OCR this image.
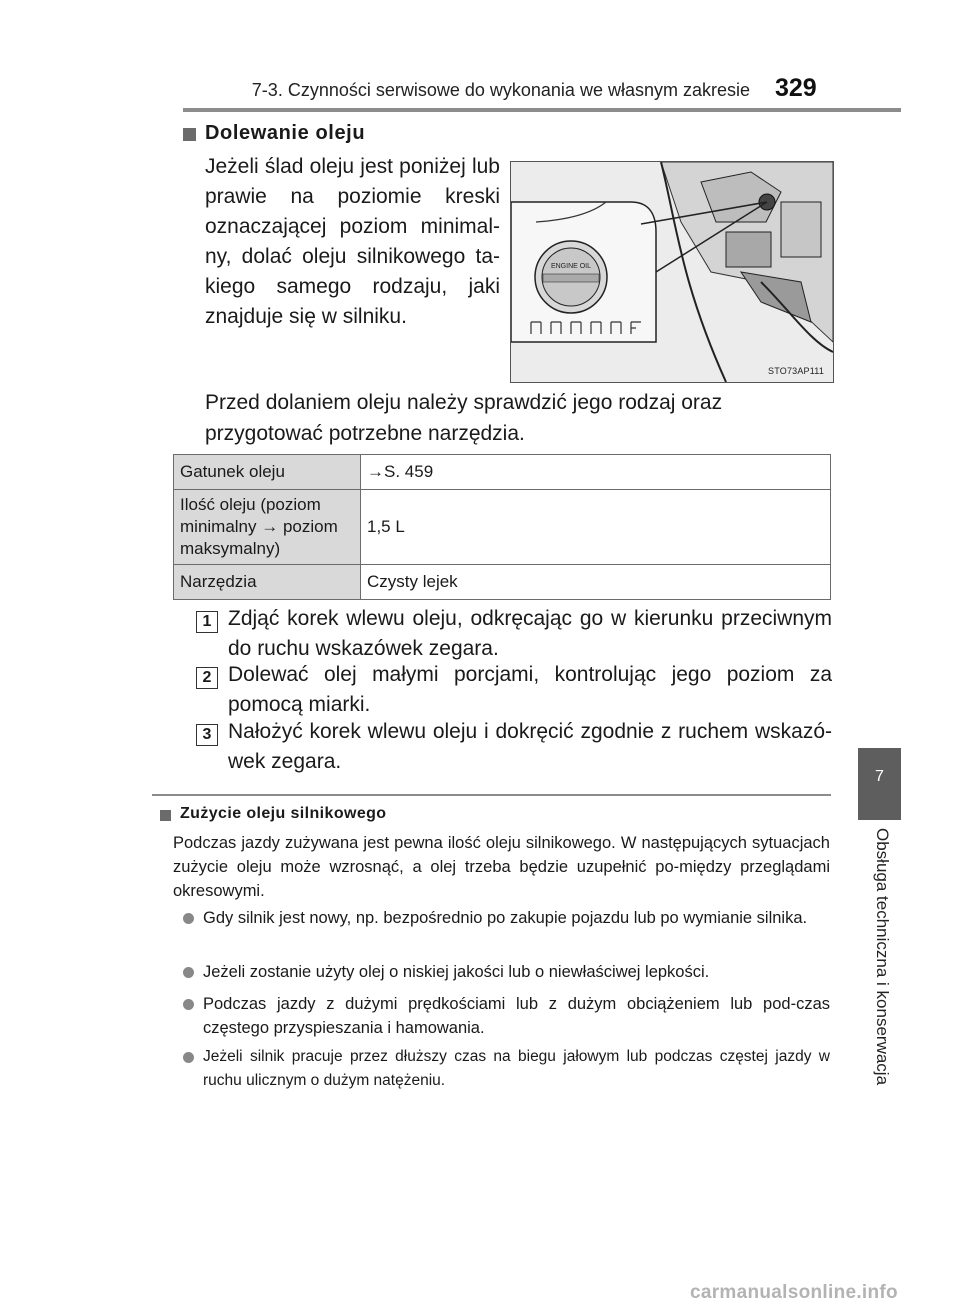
7-3. Czynności serwisowe do wykonania we własnym zakresie 329
7
Obsługa techniczna i konserwacja
Dolewanie oleju
Jeżeli ślad oleju jest poniżej lub prawie na poziomie kreski oznaczającej poziom minimal-ny, dolać oleju silnikowego ta-kiego samego rodzaju, jaki znajduje się w silniku.
ENGINE OIL
STO73AP111
Przed dolaniem oleju należy sprawdzić jego rodzaj oraz przygotować potrzebne narzędzia.
Gatunek oleju	→S. 459
Ilość oleju (poziom minimalny → poziom maksymalny)	1,5 L
Narzędzia	Czysty lejek
1 Zdjąć korek wlewu oleju, odkręcając go w kierunku przeciwnym do ruchu wskazówek zegara.
2 Dolewać olej małymi porcjami, kontrolując jego poziom za pomocą miarki.
3 Nałożyć korek wlewu oleju i dokręcić zgodnie z ruchem wskazó-wek zegara.
Zużycie oleju silnikowego
Podczas jazdy zużywana jest pewna ilość oleju silnikowego. W następujących sytuacjach zużycie oleju może wzrosnąć, a olej trzeba będzie uzupełnić po-między przeglądami okresowymi.
Gdy silnik jest nowy, np. bezpośrednio po zakupie pojazdu lub po wymianie silnika.
Jeżeli zostanie użyty olej o niskiej jakości lub o niewłaściwej lepkości.
Podczas jazdy z dużymi prędkościami lub z dużym obciążeniem lub pod-czas częstego przyspieszania i hamowania.
Jeżeli silnik pracuje przez dłuższy czas na biegu jałowym lub podczas częstej jazdy w ruchu ulicznym o dużym natężeniu.
carmanualsonline.info
